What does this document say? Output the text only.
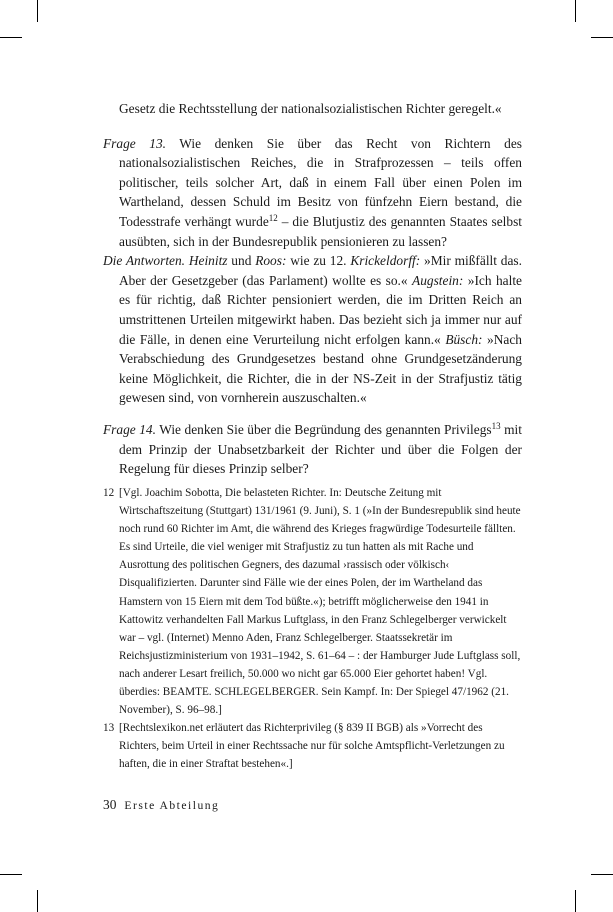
Gesetz die Rechtsstellung der nationalsozialistischen Richter geregelt.«

Frage 13. Wie denken Sie über das Recht von Richtern des nationalsozialistischen Reiches, die in Strafprozessen – teils offen politischer, teils solcher Art, daß in einem Fall über einen Polen im Wartheland, dessen Schuld im Besitz von fünfzehn Eiern bestand, die Todesstrafe verhängt wurde$^{12}$ – die Blutjustiz des genannten Staates selbst ausübten, sich in der Bundesrepublik pensionieren zu lassen?

Die Antworten. Heinitz und Roos: wie zu 12. Krickeldorff: »Mir mißfällt das. Aber der Gesetzgeber (das Parlament) wollte es so.« Augstein: »Ich halte es für richtig, daß Richter pensioniert werden, die im Dritten Reich an umstrittenen Urteilen mitgewirkt haben. Das bezieht sich ja immer nur auf die Fälle, in denen eine Verurteilung nicht erfolgen kann.« Büsch: »Nach Verabschiedung des Grundgesetzes bestand ohne Grundgesetzänderung keine Möglichkeit, die Richter, die in der NS-Zeit in der Strafjustiz tätig gewesen sind, von vornherein auszuschalten.«

Frage 14. Wie denken Sie über die Begründung des genannten Privilegs$^{13}$ mit dem Prinzip der Unabsetzbarkeit der Richter und über die Folgen der Regelung für dieses Prinzip selber?

12 [Vgl. Joachim Sobotta, Die belasteten Richter. In: Deutsche Zeitung mit Wirtschaftszeitung (Stuttgart) 131/1961 (9. Juni), S. 1 (»In der Bundesrepublik sind heute noch rund 60 Richter im Amt, die während des Krieges fragwürdige Todesurteile fällten. Es sind Urteile, die viel weniger mit Strafjustiz zu tun hatten als mit Rache und Ausrottung des politischen Gegners, des dazumal ›rassisch oder völkisch‹ Disqualifizierten. Darunter sind Fälle wie der eines Polen, der im Wartheland das Hamstern von 15 Eiern mit dem Tod büßte.«); betrifft möglicherweise den 1941 in Kattowitz verhandelten Fall Markus Luftglass, in den Franz Schlegelberger verwickelt war – vgl. (Internet) Menno Aden, Franz Schlegelberger. Staatssekretär im Reichsjustizministerium von 1931–1942, S. 61–64 – : der Hamburger Jude Luftglass soll, nach anderer Lesart freilich, 50.000 wo nicht gar 65.000 Eier gehortet haben! Vgl. überdies: BEAMTE. SCHLEGELBERGER. Sein Kampf. In: Der Spiegel 47/1962 (21. November), S. 96–98.]
13 [Rechtslexikon.net erläutert das Richterprivileg (§ 839 II BGB) als »Vorrecht des Richters, beim Urteil in einer Rechtssache nur für solche Amtspflicht-Verletzungen zu haften, die in einer Straftat bestehen«.]
30 Erste Abteilung
